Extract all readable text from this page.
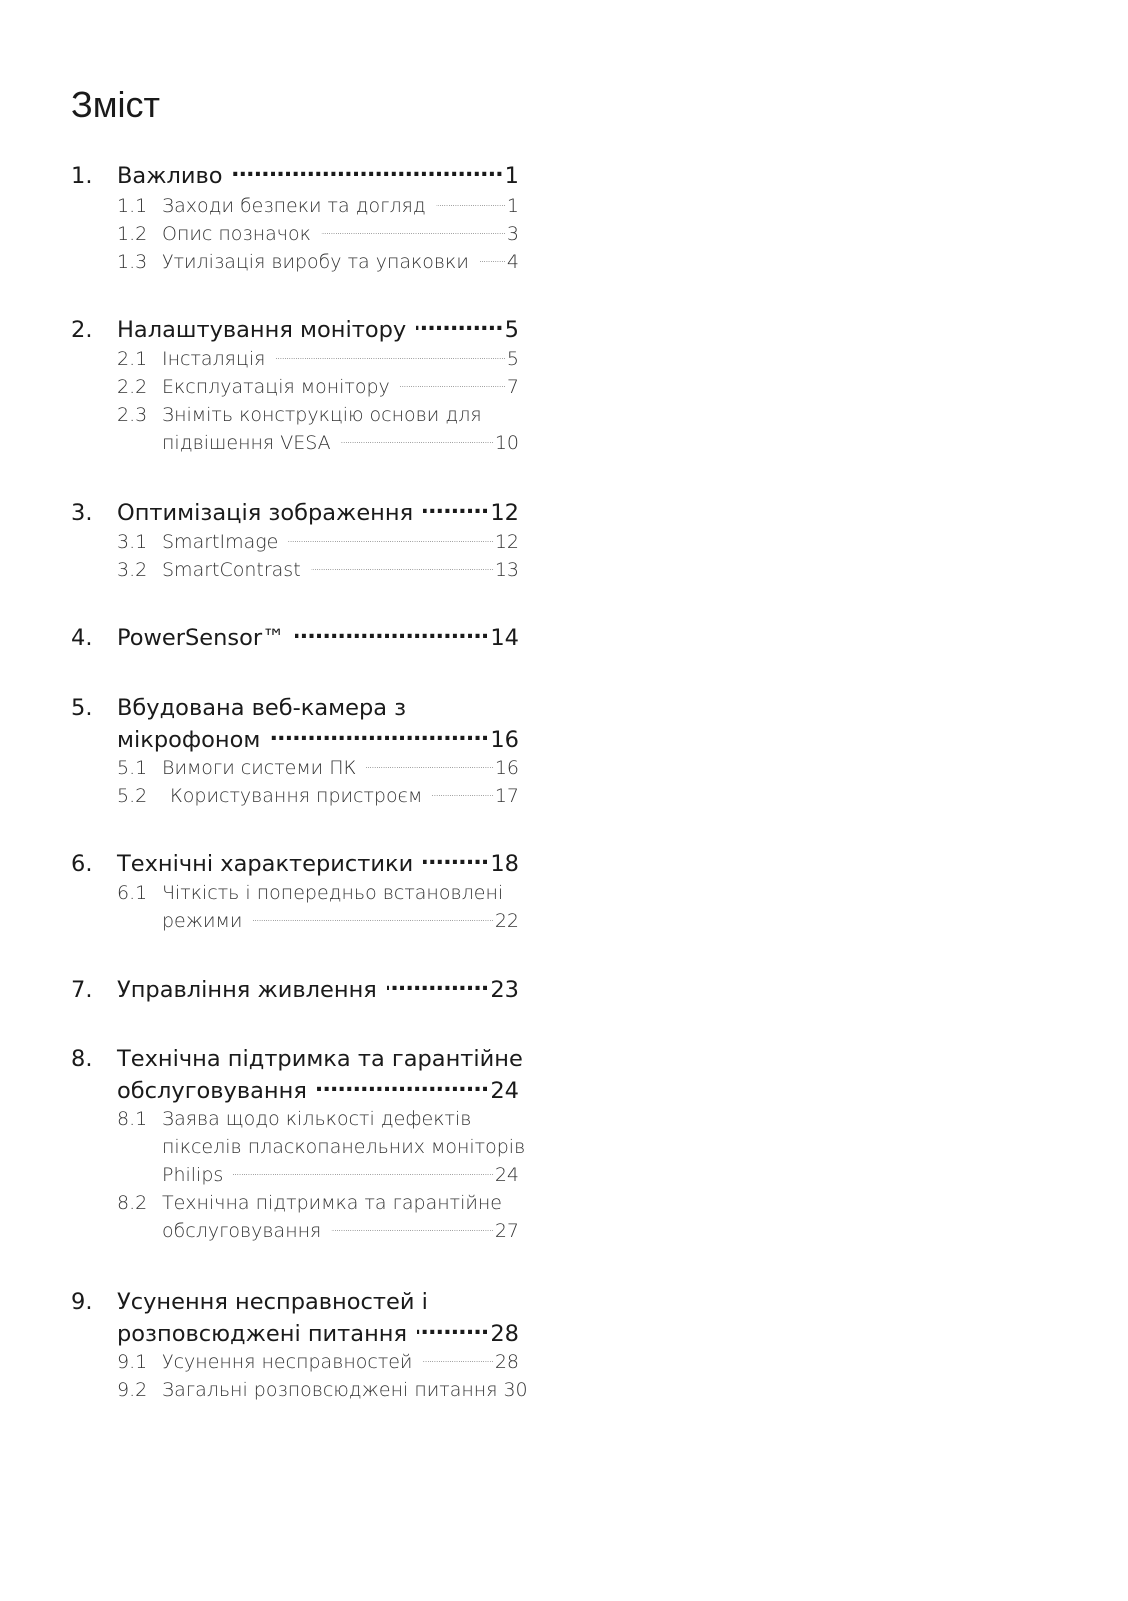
Зміст
1.	Важливо .....	1
1.1 Заходи безпеки та догляд .....	1
1.2 Опис позначок .....	3
1.3 Утилізація виробу та упаковки ..... 4
2.	Налаштування монітору .....	5
2.1 Інсталяція .....	5
2.2 Експлуатація монітору .....	7
2.3 Зніміть конструкцію основи для
підвішення VESA .....	10
3.	Оптимізація зображення .....	12
3.1 SmartImage .....	12
3.2 SmartContrast .....	13
4.	PowerSensor™ .....	14
5.	Вбудована веб-камера з
мікрофоном .....	16
5.1 Вимоги системи ПК .....	16
5.2	Користування пристроєм .....	17
6.	Технічні характеристики .....	18
6.1 Чіткість і попередньо встановлені
режими .....	22
7.	Управління живлення .....	23
8.	Технічна підтримка та гарантійне
обслуговування .....	24
8.1 Заява щодо кількості дефектів
пікселів пласкопанельних моніторів
Philips .....	24
8.2 Технічна підтримка та гарантійне
обслуговування .....	27
9.	Усунення несправностей і
розповсюджені питання .....	28
9.1 Усунення несправностей .....	28
9.2 Загальні розповсюджені питання 30
